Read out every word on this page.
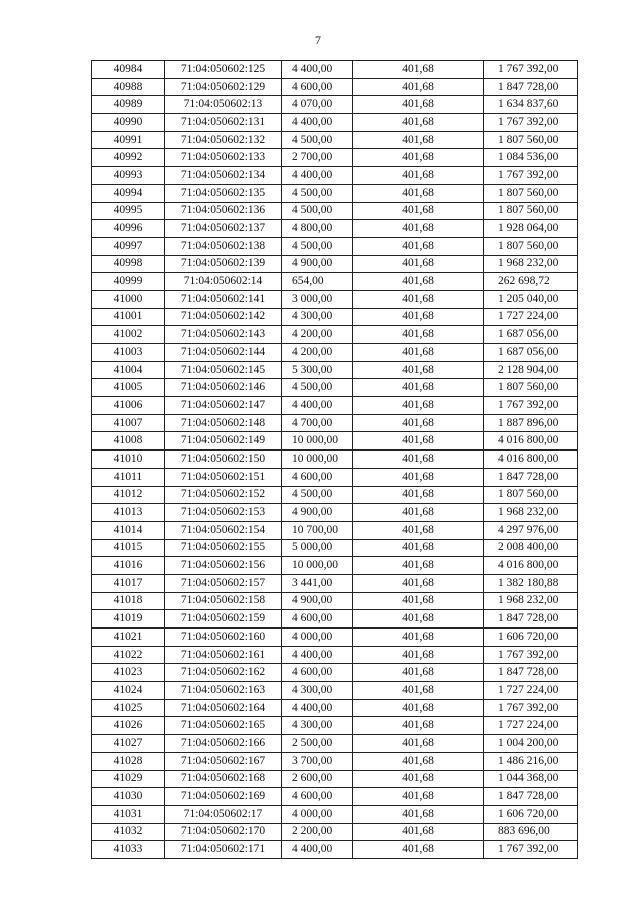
7
40984	71:04:050602:125	4 400,00	401,68	1 767 392,00
40988	71:04:050602:129	4 600,00	401,68	1 847 728,00
40989	71:04:050602:13	4 070,00	401,68	1 634 837,60
40990	71:04:050602:131	4 400,00	401,68	1 767 392,00
40991	71:04:050602:132	4 500,00	401,68	1 807 560,00
40992	71:04:050602:133	2 700,00	401,68	1 084 536,00
40993	71:04:050602:134	4 400,00	401,68	1 767 392,00
40994	71:04:050602:135	4 500,00	401,68	1 807 560,00
40995	71:04:050602:136	4 500,00	401,68	1 807 560,00
40996	71:04:050602:137	4 800,00	401,68	1 928 064,00
40997	71:04:050602:138	4 500,00	401,68	1 807 560,00
40998	71:04:050602:139	4 900,00	401,68	1 968 232,00
40999	71:04:050602:14	654,00	401,68	262 698,72
41000	71:04:050602:141	3 000,00	401,68	1 205 040,00
41001	71:04:050602:142	4 300,00	401,68	1 727 224,00
41002	71:04:050602:143	4 200,00	401,68	1 687 056,00
41003	71:04:050602:144	4 200,00	401,68	1 687 056,00
41004	71:04:050602:145	5 300,00	401,68	2 128 904,00
41005	71:04:050602:146	4 500,00	401,68	1 807 560,00
41006	71:04:050602:147	4 400,00	401,68	1 767 392,00
41007	71:04:050602:148	4 700,00	401,68	1 887 896,00
41008	71:04:050602:149	10 000,00	401,68	4 016 800,00
41010	71:04:050602:150	10 000,00	401,68	4 016 800,00
41011	71:04:050602:151	4 600,00	401,68	1 847 728,00
41012	71:04:050602:152	4 500,00	401,68	1 807 560,00
41013	71:04:050602:153	4 900,00	401,68	1 968 232,00
41014	71:04:050602:154	10 700,00	401,68	4 297 976,00
41015	71:04:050602:155	5 000,00	401,68	2 008 400,00
41016	71:04:050602:156	10 000,00	401,68	4 016 800,00
41017	71:04:050602:157	3 441,00	401,68	1 382 180,88
41018	71:04:050602:158	4 900,00	401,68	1 968 232,00
41019	71:04:050602:159	4 600,00	401,68	1 847 728,00
41021	71:04:050602:160	4 000,00	401,68	1 606 720,00
41022	71:04:050602:161	4 400,00	401,68	1 767 392,00
41023	71:04:050602:162	4 600,00	401,68	1 847 728,00
41024	71:04:050602:163	4 300,00	401,68	1 727 224,00
41025	71:04:050602:164	4 400,00	401,68	1 767 392,00
41026	71:04:050602:165	4 300,00	401,68	1 727 224,00
41027	71:04:050602:166	2 500,00	401,68	1 004 200,00
41028	71:04:050602:167	3 700,00	401,68	1 486 216,00
41029	71:04:050602:168	2 600,00	401,68	1 044 368,00
41030	71:04:050602:169	4 600,00	401,68	1 847 728,00
41031	71:04:050602:17	4 000,00	401,68	1 606 720,00
41032	71:04:050602:170	2 200,00	401,68	883 696,00
41033	71:04:050602:171	4 400,00	401,68	1 767 392,00
